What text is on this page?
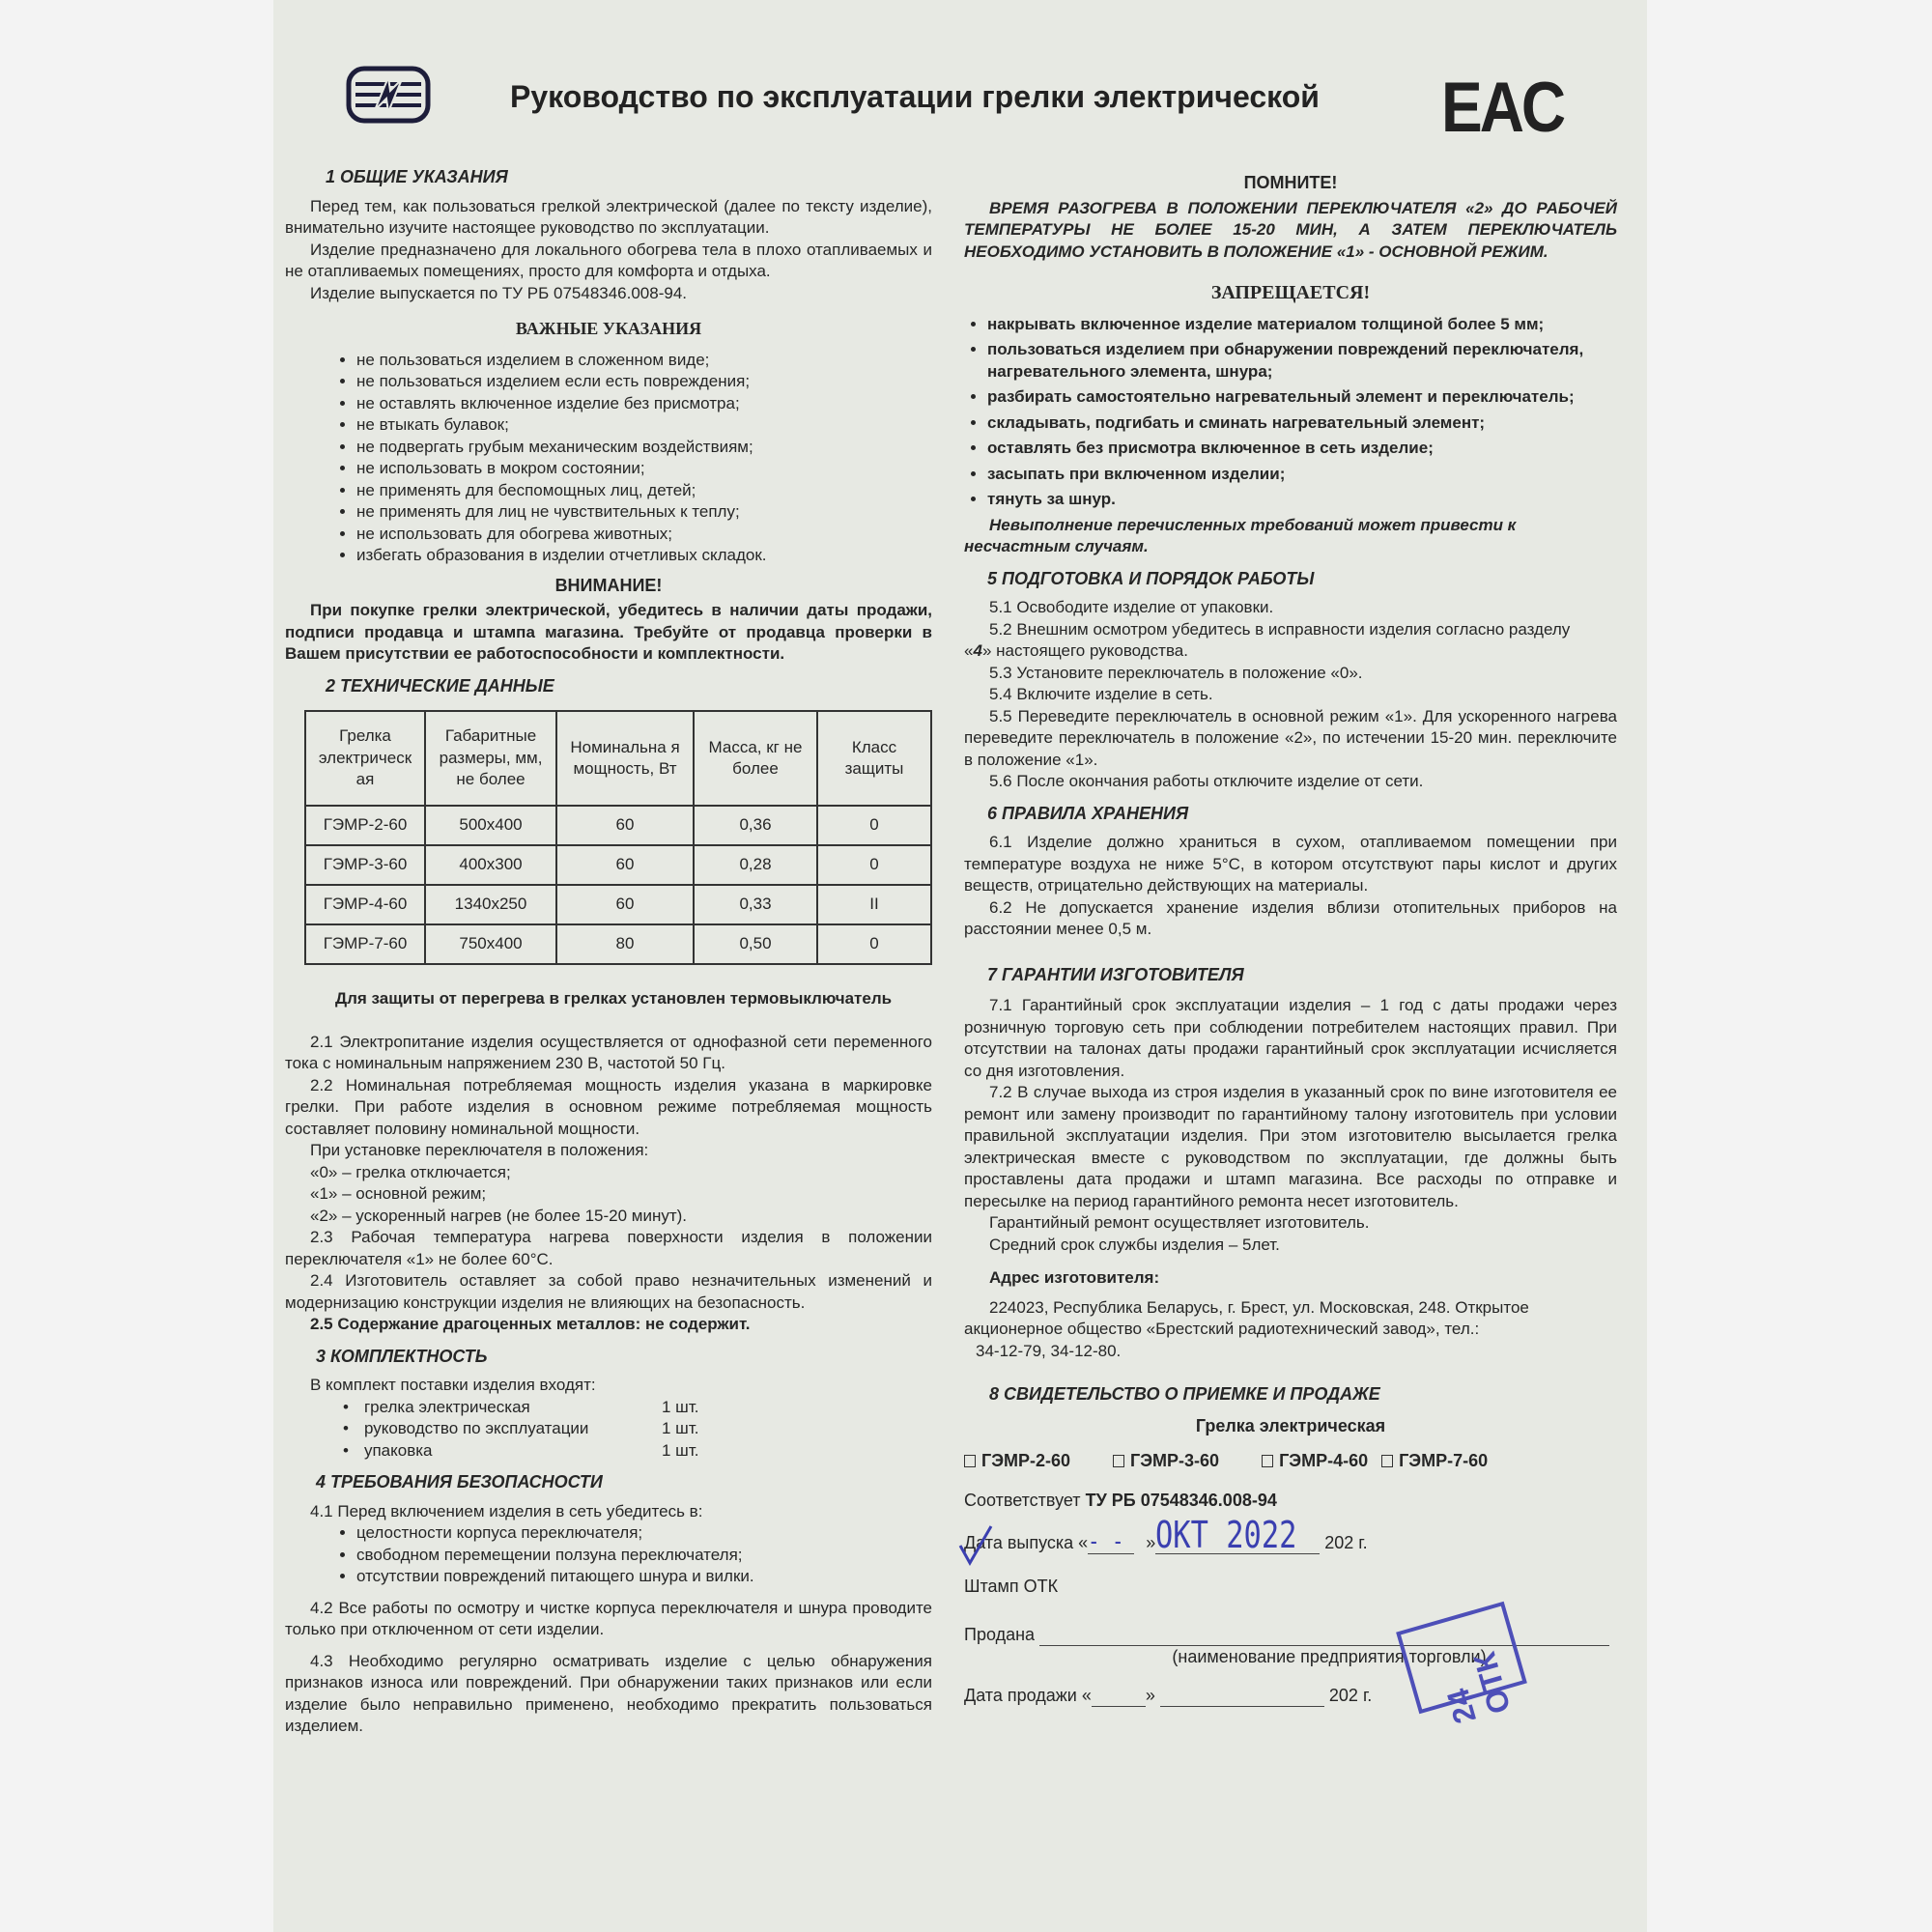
Руководство по эксплуатации грелки электрической EAC
1 ОБЩИЕ УКАЗАНИЯ

Перед тем, как пользоваться грелкой электрической (далее по тексту изделие), внимательно изучите настоящее руководство по эксплуатации.

Изделие предназначено для локального обогрева тела в плохо отапливаемых и не отапливаемых помещениях, просто для комфорта и отдыха.

Изделие выпускается по ТУ РБ 07548346.008-94.

ВАЖНЫЕ УКАЗАНИЯ
• не пользоваться изделием в сложенном виде;
• не пользоваться изделием если есть повреждения;
• не оставлять включенное изделие без присмотра;
• не втыкать булавок;
• не подвергать грубым механическим воздействиям;
• не использовать в мокром состоянии;
• не применять для беспомощных лиц, детей;
• не применять для лиц не чувствительных к теплу;
• не использовать для обогрева животных;
• избегать образования в изделии отчетливых складок.
ВНИМАНИЕ!

При покупке грелки электрической, убедитесь в наличии даты продажи, подписи продавца и штампа магазина. Требуйте от продавца проверки в Вашем присутствии ее работоспособности и комплектности.

2 ТЕХНИЧЕСКИЕ ДАННЫЕ
Грелка электрическ ая	Габаритные размеры, мм, не более	Номинальна я мощность, Вт	Масса, кг не более	Класс защиты
ГЭМР-2-60	500х400	60	0,36	0
ГЭМР-3-60	400х300	60	0,28	0
ГЭМР-4-60	1340х250	60	0,33	II
ГЭМР-7-60	750х400	80	0,50	0

Для защиты от перегрева в грелках установлен термовыключатель

2.1 Электропитание изделия осуществляется от однофазной сети переменного тока с номинальным напряжением 230 В, частотой 50 Гц.

2.2 Номинальная потребляемая мощность изделия указана в маркировке грелки. При работе изделия в основном режиме потребляемая мощность составляет половину номинальной мощности.

При установке переключателя в положения:

«0» – грелка отключается;

«1» – основной режим;

«2» – ускоренный нагрев (не более 15-20 минут).

2.3 Рабочая температура нагрева поверхности изделия в положении переключателя «1» не более 60°С.

2.4 Изготовитель оставляет за собой право незначительных изменений и модернизацию конструкции изделия не влияющих на безопасность.

2.5 Содержание драгоценных металлов: не содержит.

3 КОМПЛЕКТНОСТЬ

В комплект поставки изделия входят:

• грелка электрическая	1 шт.
• руководство по эксплуатации	1 шт.
• упаковка	1 шт.
4 ТРЕБОВАНИЯ БЕЗОПАСНОСТИ

4.1 Перед включением изделия в сеть убедитесь в:

• целостности корпуса переключателя;
• свободном перемещении ползуна переключателя;
• отсутствии повреждений питающего шнура и вилки.

4.2 Все работы по осмотру и чистке корпуса переключателя и шнура проводите только при отключенном от сети изделии.

4.3 Необходимо регулярно осматривать изделие с целью обнаружения признаков износа или повреждений. При обнаружении таких признаков или если изделие было неправильно применено, необходимо прекратить пользоваться изделием.

ПОМНИТЕ!

ВРЕМЯ РАЗОГРЕВА В ПОЛОЖЕНИИ ПЕРЕКЛЮЧАТЕЛЯ «2» ДО РАБОЧЕЙ ТЕМПЕРАТУРЫ НЕ БОЛЕЕ 15-20 МИН, А ЗАТЕМ ПЕРЕКЛЮЧАТЕЛЬ НЕОБХОДИМО УСТАНОВИТЬ В ПОЛОЖЕНИЕ «1» - ОСНОВНОЙ РЕЖИМ.

ЗАПРЕЩАЕТСЯ!
• накрывать включенное изделие материалом толщиной более 5 мм;
• пользоваться изделием при обнаружении повреждений переключателя, нагревательного элемента, шнура;
• разбирать самостоятельно нагревательный элемент и переключатель;
• складывать, подгибать и сминать нагревательный элемент;
• оставлять без присмотра включенное в сеть изделие;
• засыпать при включенном изделии;
• тянуть за шнур.

Невыполнение перечисленных требований может привести к несчастным случаям.

5 ПОДГОТОВКА И ПОРЯДОК РАБОТЫ

5.1 Освободите изделие от упаковки.

5.2 Внешним осмотром убедитесь в исправности изделия согласно разделу

«4» настоящего руководства.

5.3 Установите переключатель в положение «0».

5.4 Включите изделие в сеть.

5.5 Переведите переключатель в основной режим «1». Для ускоренного нагрева переведите переключатель в положение «2», по истечении 15-20 мин. переключите в положение «1».

5.6 После окончания работы отключите изделие от сети.

6 ПРАВИЛА ХРАНЕНИЯ

6.1 Изделие должно храниться в сухом, отапливаемом помещении при температуре воздуха не ниже 5°С, в котором отсутствуют пары кислот и других веществ, отрицательно действующих на материалы.

6.2 Не допускается хранение изделия вблизи отопительных приборов на расстоянии менее 0,5 м.

7 ГАРАНТИИ ИЗГОТОВИТЕЛЯ

7.1 Гарантийный срок эксплуатации изделия – 1 год с даты продажи через розничную торговую сеть при соблюдении потребителем настоящих правил. При отсутствии на талонах даты продажи гарантийный срок эксплуатации исчисляется со дня изготовления.

7.2 В случае выхода из строя изделия в указанный срок по вине изготовителя ее ремонт или замену производит по гарантийному талону изготовитель при условии правильной эксплуатации изделия. При этом изготовителю высылается грелка электрическая вместе с руководством по эксплуатации, где должны быть проставлены дата продажи и штамп магазина. Все расходы по отправке и пересылке на период гарантийного ремонта несет изготовитель.

Гарантийный ремонт осуществляет изготовитель.

Средний срок службы изделия – 5лет.

Адрес изготовителя:

224023, Республика Беларусь, г. Брест, ул. Московская, 248. Открытое акционерное общество «Брестский радиотехнический завод», тел.:

34-12-79, 34-12-80.

8 СВИДЕТЕЛЬСТВО О ПРИЕМКЕ И ПРОДАЖЕ
Грелка электрическая
ГЭМР-2-60	ГЭМР-3-60	ГЭМР-4-60	ГЭМР-7-60

Соответствует ТУ РБ 07548346.008-94

Дата выпуска «- - »ОКТ 2022 202 г.

Штамп ОТК

Продана

(наименование предприятия торговли)

Дата продажи «	»	202 г.	24 ОТК
